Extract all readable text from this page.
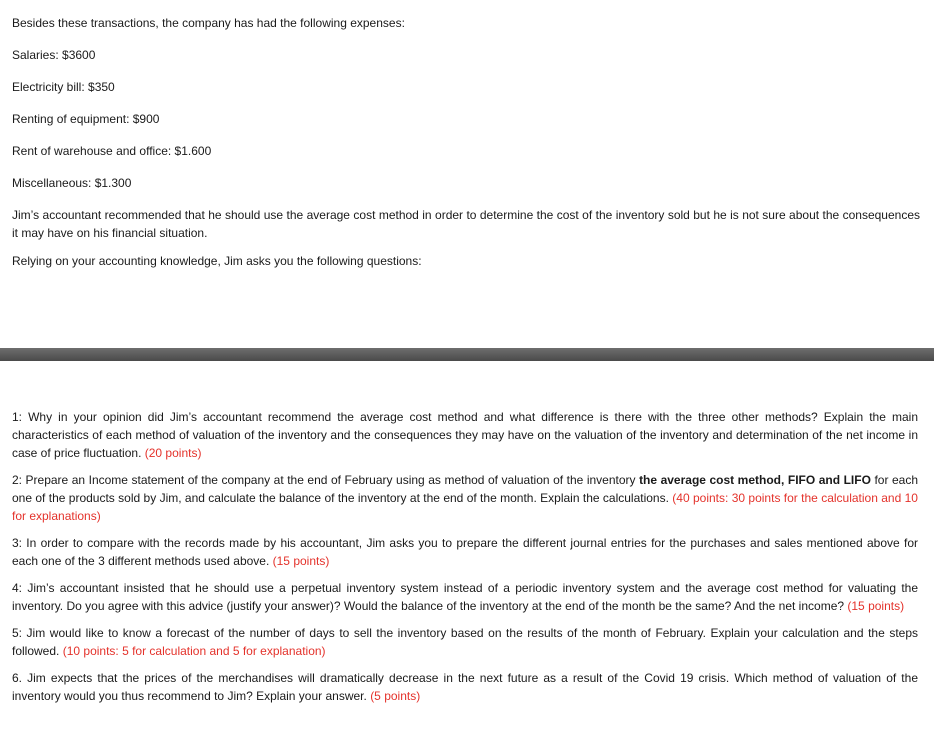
Besides these transactions, the company has had the following expenses:

Salaries: $3600

Electricity bill: $350

Renting of equipment: $900

Rent of warehouse and office: $1.600

Miscellaneous: $1.300

Jim’s accountant recommended that he should use the average cost method in order to determine the cost of the inventory sold but he is not sure about the consequences it may have on his financial situation.

Relying on your accounting knowledge, Jim asks you the following questions:

1: Why in your opinion did Jim’s accountant recommend the average cost method and what difference is there with the three other methods? Explain the main characteristics of each method of valuation of the inventory and the consequences they may have on the valuation of the inventory and determination of the net income in case of price fluctuation. (20 points)

2: Prepare an Income statement of the company at the end of February using as method of valuation of the inventory the average cost method, FIFO and LIFO for each one of the products sold by Jim, and calculate the balance of the inventory at the end of the month. Explain the calculations. (40 points: 30 points for the calculation and 10 for explanations)

3: In order to compare with the records made by his accountant, Jim asks you to prepare the different journal entries for the purchases and sales mentioned above for each one of the 3 different methods used above. (15 points)

4: Jim’s accountant insisted that he should use a perpetual inventory system instead of a periodic inventory system and the average cost method for valuating the inventory. Do you agree with this advice (justify your answer)? Would the balance of the inventory at the end of the month be the same? And the net income? (15 points)

5: Jim would like to know a forecast of the number of days to sell the inventory based on the results of the month of February. Explain your calculation and the steps followed. (10 points: 5 for calculation and 5 for explanation)

6. Jim expects that the prices of the merchandises will dramatically decrease in the next future as a result of the Covid 19 crisis. Which method of valuation of the inventory would you thus recommend to Jim? Explain your answer. (5 points)
